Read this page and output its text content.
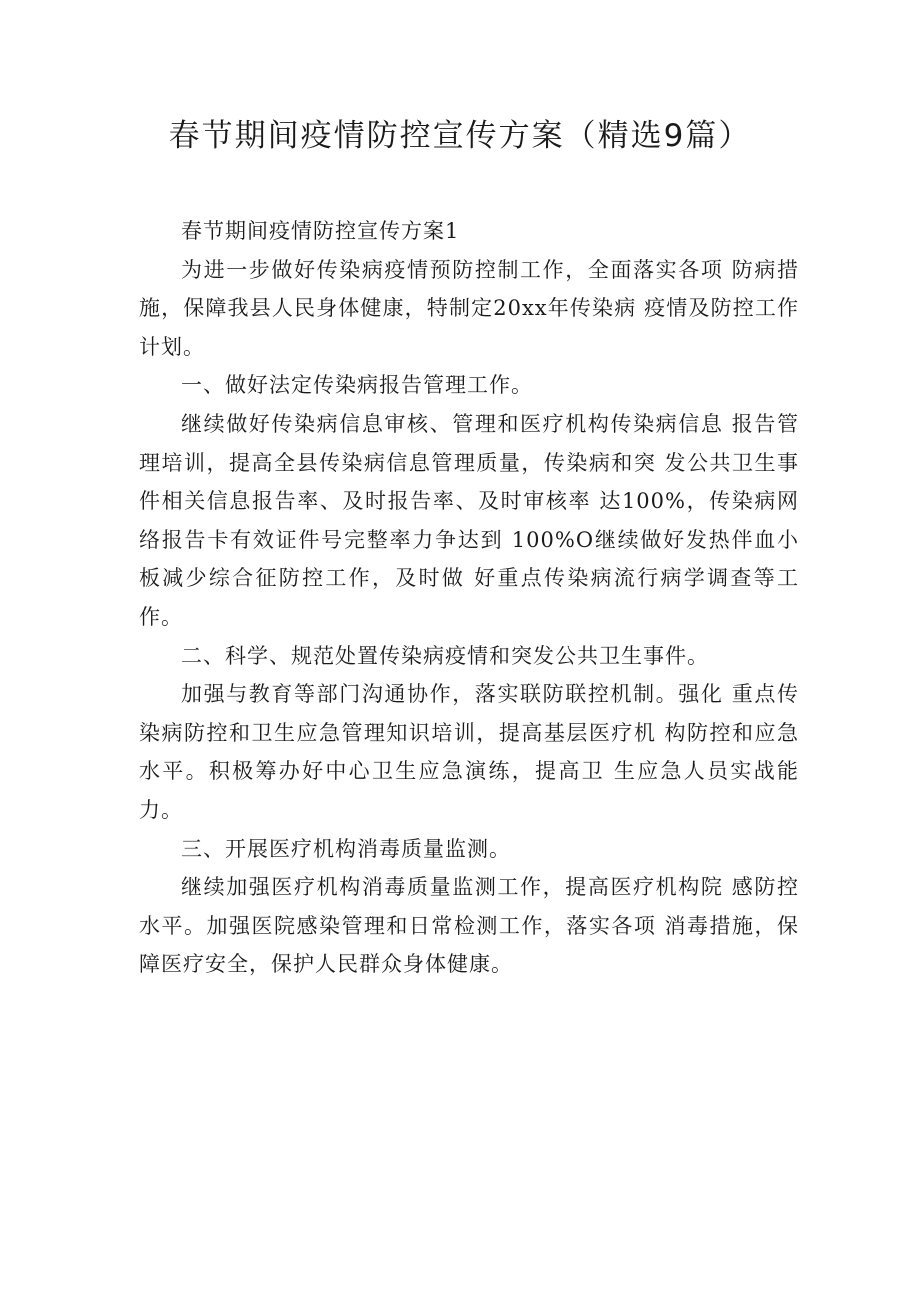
春节期间疫情防控宣传方案（精选9篇）

春节期间疫情防控宣传方案1

为进一步做好传染病疫情预防控制工作，全面落实各项 防病措施，保障我县人民身体健康，特制定20xx年传染病 疫情及防控工作计划。

一、做好法定传染病报告管理工作。

继续做好传染病信息审核、管理和医疗机构传染病信息 报告管理培训，提高全县传染病信息管理质量，传染病和突 发公共卫生事件相关信息报告率、及时报告率、及时审核率 达100%，传染病网络报告卡有效证件号完整率力争达到 100%O继续做好发热伴血小板减少综合征防控工作，及时做 好重点传染病流行病学调查等工作。

二、科学、规范处置传染病疫情和突发公共卫生事件。

加强与教育等部门沟通协作，落实联防联控机制。强化 重点传染病防控和卫生应急管理知识培训，提高基层医疗机 构防控和应急水平。积极筹办好中心卫生应急演练，提高卫 生应急人员实战能力。

三、开展医疗机构消毒质量监测。

继续加强医疗机构消毒质量监测工作，提高医疗机构院 感防控水平。加强医院感染管理和日常检测工作，落实各项 消毒措施，保障医疗安全，保护人民群众身体健康。
